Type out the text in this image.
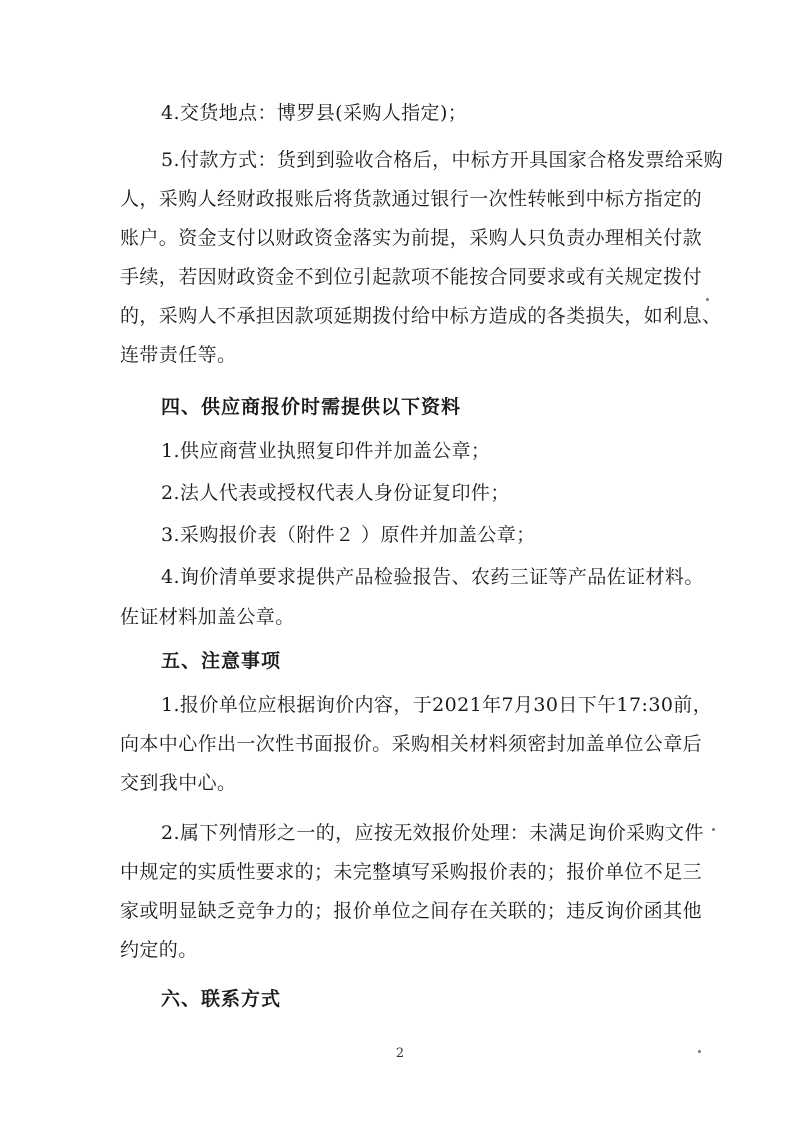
4.交货地点：博罗县(采购人指定)；
5.付款方式：货到到验收合格后，中标方开具国家合格发票给采购
人，采购人经财政报账后将货款通过银行一次性转帐到中标方指定的
账户。资金支付以财政资金落实为前提，采购人只负责办理相关付款
手续，若因财政资金不到位引起款项不能按合同要求或有关规定拨付
的，采购人不承担因款项延期拨付给中标方造成的各类损失，如利息、
连带责任等。
四、供应商报价时需提供以下资料
1.供应商营业执照复印件并加盖公章；
2.法人代表或授权代表人身份证复印件；
3.采购报价表（附件２ ）原件并加盖公章；
4.询价清单要求提供产品检验报告、农药三证等产品佐证材料。
佐证材料加盖公章。
五、注意事项
1.报价单位应根据询价内容，于2021年7月30日下午17:30前，
向本中心作出一次性书面报价。采购相关材料须密封加盖单位公章后
交到我中心。
2.属下列情形之一的，应按无效报价处理：未满足询价采购文件
中规定的实质性要求的；未完整填写采购报价表的；报价单位不足三
家或明显缺乏竞争力的；报价单位之间存在关联的；违反询价函其他
约定的。
六、联系方式
2
